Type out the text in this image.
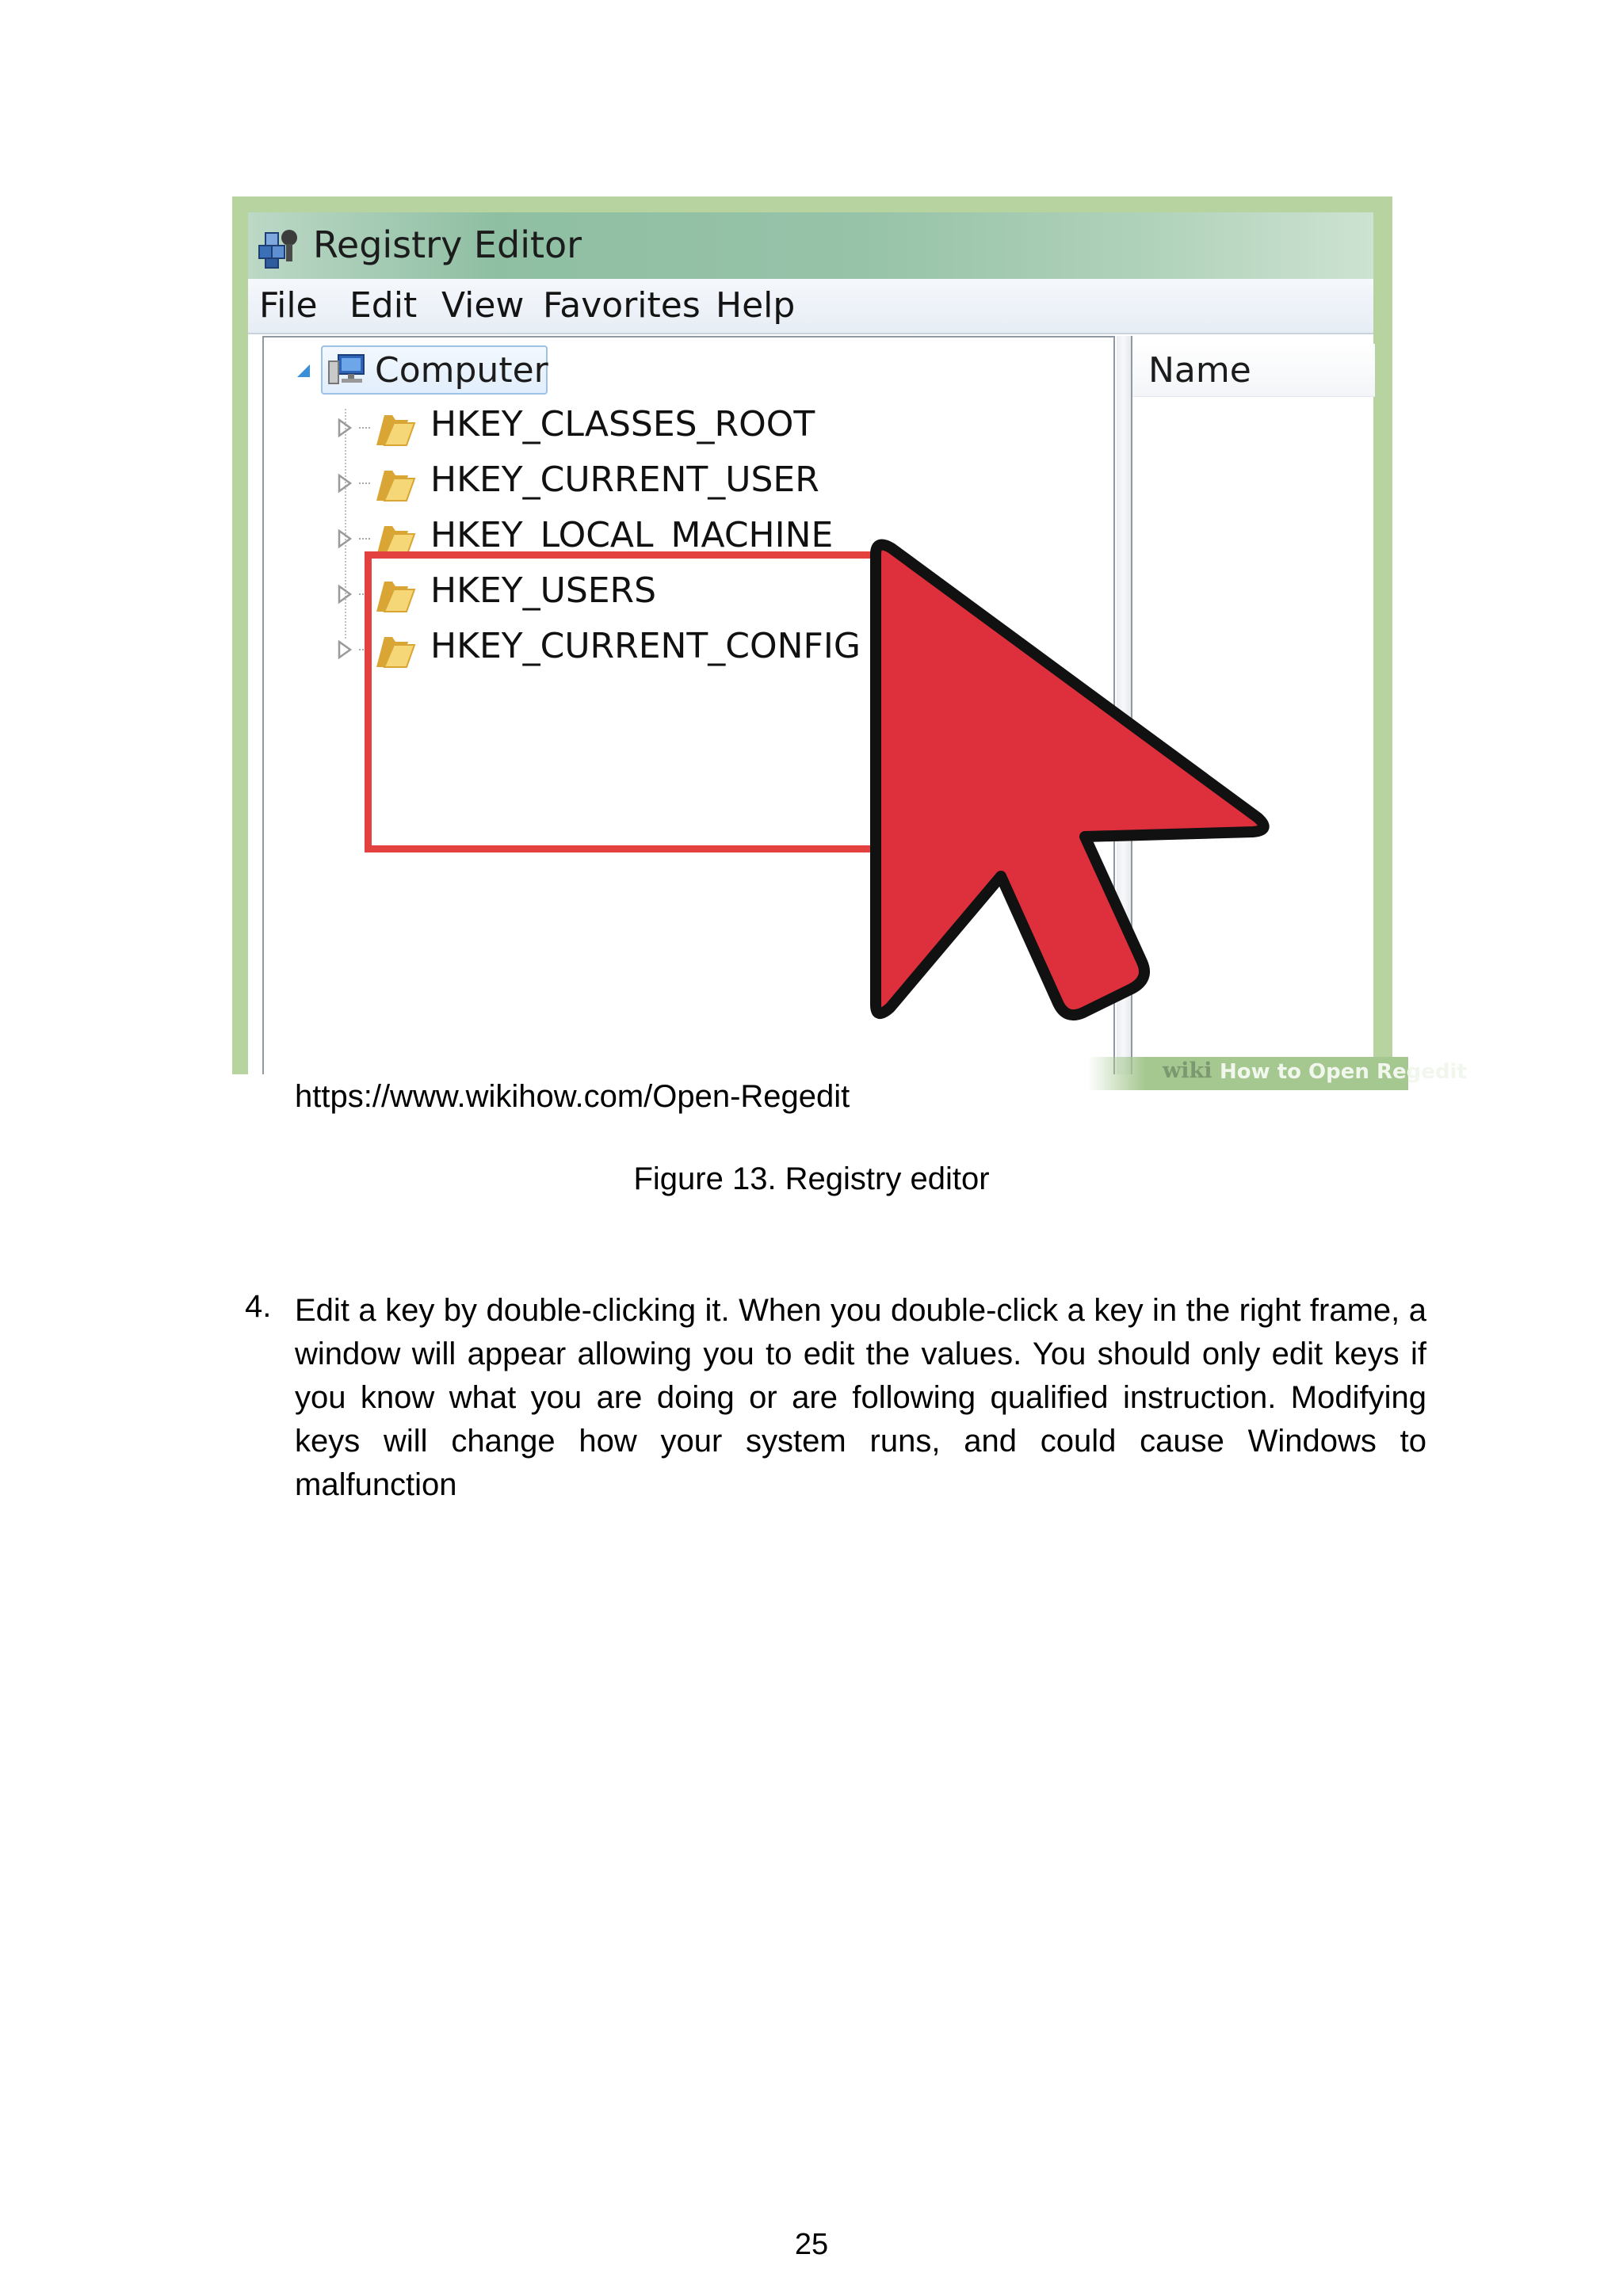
Registry Editor
File Edit View Favorites Help
Computer
HKEY_CLASSES_ROOT
HKEY_CURRENT_USER
HKEY_LOCAL_MACHINE
HKEY_USERS
HKEY_CURRENT_CONFIG
Name
wiki How to Open Regedit
https://www.wikihow.com/Open-Regedit
Figure 13. Registry editor
4. Edit a key by double-clicking it. When you double-click a key in the right frame, a window will appear allowing you to edit the values. You should only edit keys if you know what you are doing or are following qualified instruction. Modifying keys will change how your system runs, and could cause Windows to malfunction
25
